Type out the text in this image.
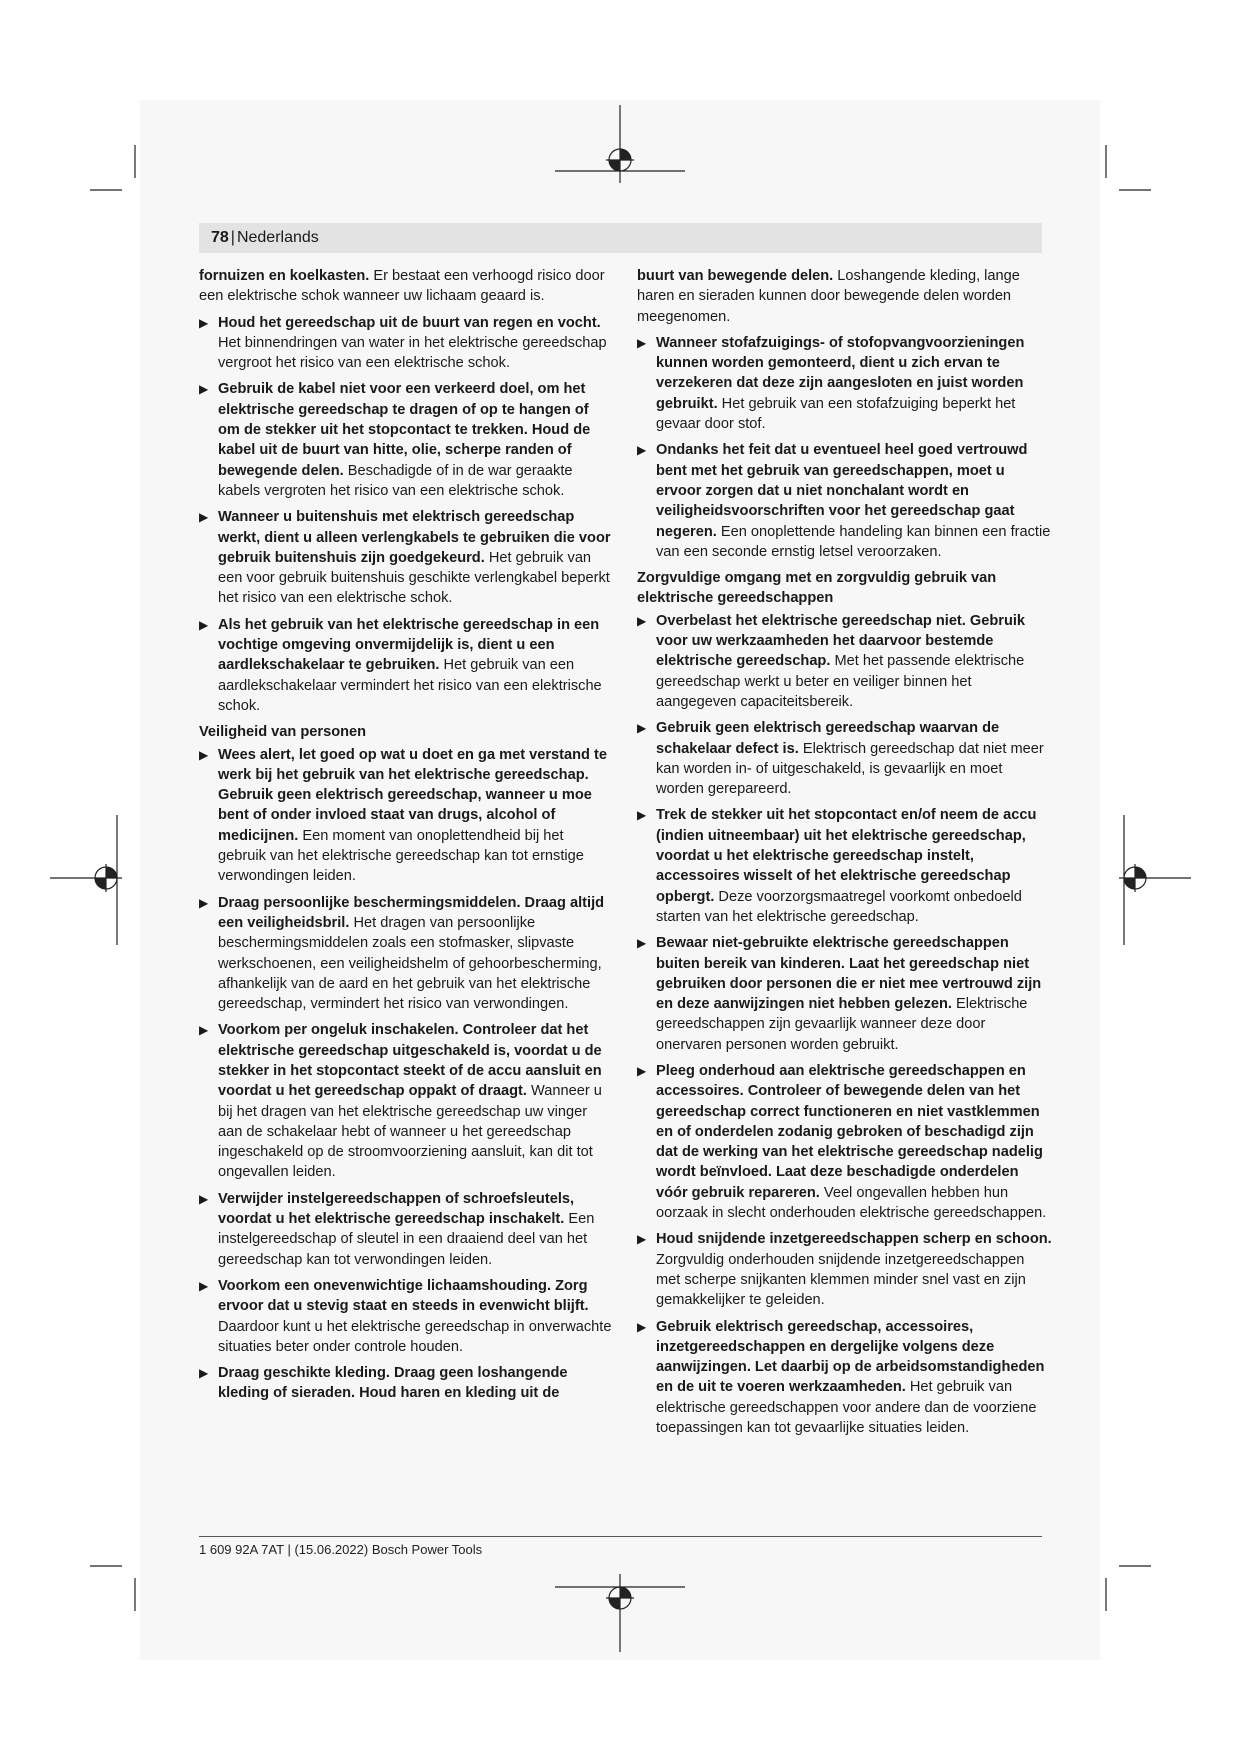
78 | Nederlands

fornuizen en koelkasten. Er bestaat een verhoogd risico door een elektrische schok wanneer uw lichaam geaard is.

▶ Houd het gereedschap uit de buurt van regen en vocht. Het binnendringen van water in het elektrische gereedschap vergroot het risico van een elektrische schok.

▶ Gebruik de kabel niet voor een verkeerd doel, om het elektrische gereedschap te dragen of op te hangen of om de stekker uit het stopcontact te trekken. Houd de kabel uit de buurt van hitte, olie, scherpe randen of bewegende delen. Beschadigde of in de war geraakte kabels vergroten het risico van een elektrische schok.

▶ Wanneer u buitenshuis met elektrisch gereedschap werkt, dient u alleen verlengkabels te gebruiken die voor gebruik buitenshuis zijn goedgekeurd. Het gebruik van een voor gebruik buitenshuis geschikte verlengkabel beperkt het risico van een elektrische schok.

▶ Als het gebruik van het elektrische gereedschap in een vochtige omgeving onvermijdelijk is, dient u een aardlekschakelaar te gebruiken. Het gebruik van een aardlekschakelaar vermindert het risico van een elektrische schok.

Veiligheid van personen

▶ Wees alert, let goed op wat u doet en ga met verstand te werk bij het gebruik van het elektrische gereedschap. Gebruik geen elektrisch gereedschap, wanneer u moe bent of onder invloed staat van drugs, alcohol of medicijnen. Een moment van onoplettendheid bij het gebruik van het elektrische gereedschap kan tot ernstige verwondingen leiden.

▶ Draag persoonlijke beschermingsmiddelen. Draag altijd een veiligheidsbril. Het dragen van persoonlijke beschermingsmiddelen zoals een stofmasker, slipvaste werkschoenen, een veiligheidshelm of gehoorbescherming, afhankelijk van de aard en het gebruik van het elektrische gereedschap, vermindert het risico van verwondingen.

▶ Voorkom per ongeluk inschakelen. Controleer dat het elektrische gereedschap uitgeschakeld is, voordat u de stekker in het stopcontact steekt of de accu aansluit en voordat u het gereedschap oppakt of draagt. Wanneer u bij het dragen van het elektrische gereedschap uw vinger aan de schakelaar hebt of wanneer u het gereedschap ingeschakeld op de stroomvoorziening aansluit, kan dit tot ongevallen leiden.

▶ Verwijder instelgereedschappen of schroefsleutels, voordat u het elektrische gereedschap inschakelt. Een instelgereedschap of sleutel in een draaiend deel van het gereedschap kan tot verwondingen leiden.

▶ Voorkom een onevenwichtige lichaamshouding. Zorg ervoor dat u stevig staat en steeds in evenwicht blijft. Daardoor kunt u het elektrische gereedschap in onverwachte situaties beter onder controle houden.

▶ Draag geschikte kleding. Draag geen loshangende kleding of sieraden. Houd haren en kleding uit de

buurt van bewegende delen. Loshangende kleding, lange haren en sieraden kunnen door bewegende delen worden meegenomen.

▶ Wanneer stofafzuigings- of stofopvangvoorzieningen kunnen worden gemonteerd, dient u zich ervan te verzekeren dat deze zijn aangesloten en juist worden gebruikt. Het gebruik van een stofafzuiging beperkt het gevaar door stof.

▶ Ondanks het feit dat u eventueel heel goed vertrouwd bent met het gebruik van gereedschappen, moet u ervoor zorgen dat u niet nonchalant wordt en veiligheidsvoorschriften voor het gereedschap gaat negeren. Een onoplettende handeling kan binnen een fractie van een seconde ernstig letsel veroorzaken.

Zorgvuldige omgang met en zorgvuldig gebruik van elektrische gereedschappen

▶ Overbelast het elektrische gereedschap niet. Gebruik voor uw werkzaamheden het daarvoor bestemde elektrische gereedschap. Met het passende elektrische gereedschap werkt u beter en veiliger binnen het aangegeven capaciteitsbereik.

▶ Gebruik geen elektrisch gereedschap waarvan de schakelaar defect is. Elektrisch gereedschap dat niet meer kan worden in- of uitgeschakeld, is gevaarlijk en moet worden gerepareerd.

▶ Trek de stekker uit het stopcontact en/of neem de accu (indien uitneembaar) uit het elektrische gereedschap, voordat u het elektrische gereedschap instelt, accessoires wisselt of het elektrische gereedschap opbergt. Deze voorzorgsmaatregel voorkomt onbedoeld starten van het elektrische gereedschap.

▶ Bewaar niet-gebruikte elektrische gereedschappen buiten bereik van kinderen. Laat het gereedschap niet gebruiken door personen die er niet mee vertrouwd zijn en deze aanwijzingen niet hebben gelezen. Elektrische gereedschappen zijn gevaarlijk wanneer deze door onervaren personen worden gebruikt.

▶ Pleeg onderhoud aan elektrische gereedschappen en accessoires. Controleer of bewegende delen van het gereedschap correct functioneren en niet vastklemmen en of onderdelen zodanig gebroken of beschadigd zijn dat de werking van het elektrische gereedschap nadelig wordt beïnvloed. Laat deze beschadigde onderdelen vóór gebruik repareren. Veel ongevallen hebben hun oorzaak in slecht onderhouden elektrische gereedschappen.

▶ Houd snijdende inzetgereedschappen scherp en schoon. Zorgvuldig onderhouden snijdende inzetgereedschappen met scherpe snijkanten klemmen minder snel vast en zijn gemakkelijker te geleiden.

▶ Gebruik elektrisch gereedschap, accessoires, inzetgereedschappen en dergelijke volgens deze aanwijzingen. Let daarbij op de arbeidsomstandigheden en de uit te voeren werkzaamheden. Het gebruik van elektrische gereedschappen voor andere dan de voorziene toepassingen kan tot gevaarlijke situaties leiden.

1 609 92A 7AT | (15.06.2022) Bosch Power Tools
